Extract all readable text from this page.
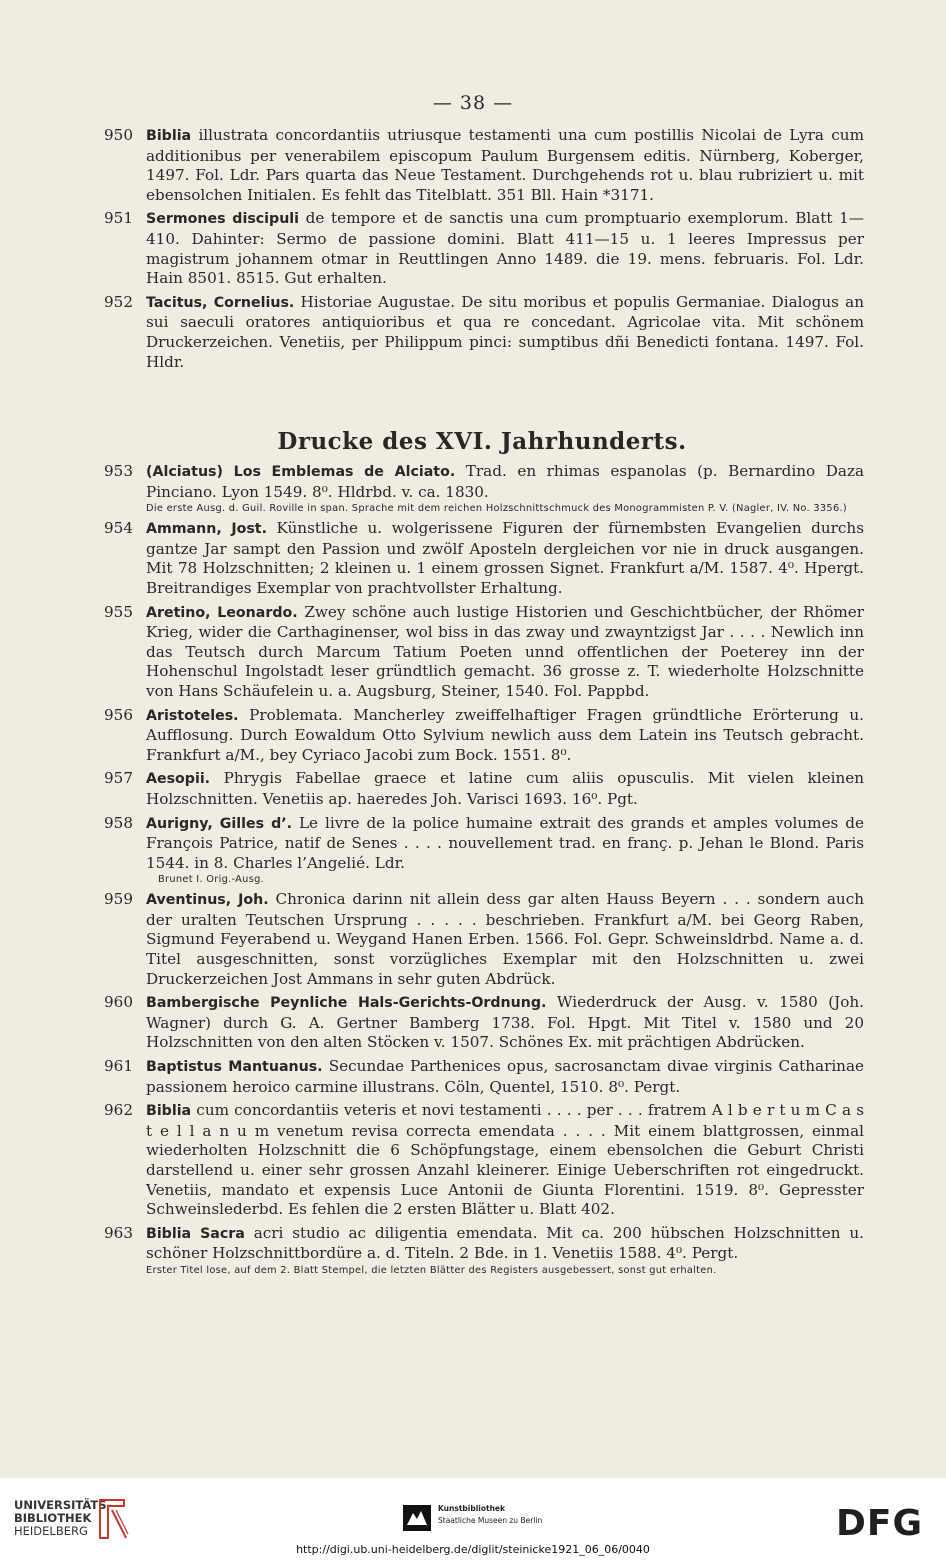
— 38 —
950 Biblia illustrata concordantiis utriusque testamenti una cum postillis Nicolai de Lyra cum additionibus per venerabilem episcopum Paulum Burgensem editis. Nürnberg, Koberger, 1497. Fol. Ldr. Pars quarta das Neue Testament. Durchgehends rot u. blau rubriziert u. mit ebensolchen Initialen. Es fehlt das Titelblatt. 351 Bll. Hain *3171.
951 Sermones discipuli de tempore et de sanctis una cum promptuario exemplorum. Blatt 1—410. Dahinter: Sermo de passione domini. Blatt 411—15 u. 1 leeres Impressus per magistrum johannem otmar in Reuttlingen Anno 1489. die 19. mens. februaris. Fol. Ldr. Hain 8501. 8515. Gut erhalten.
952 Tacitus, Cornelius. Historiae Augustae. De situ moribus et populis Germaniae. Dialogus an sui saeculi oratores antiquioribus et qua re concedant. Agricolae vita. Mit schönem Druckerzeichen. Venetiis, per Philippum pinci: sumptibus dñi Benedicti fontana. 1497. Fol. Hldr.
Drucke des XVI. Jahrhunderts.
953 (Alciatus) Los Emblemas de Alciato. Trad. en rhimas espanolas (p. Bernardino Daza Pinciano. Lyon 1549. 8⁰. Hldrbd. v. ca. 1830.
Die erste Ausg. d. Guil. Roville in span. Sprache mit dem reichen Holzschnittschmuck des Monogrammisten P. V. (Nagler, IV. No. 3356.)
954 Ammann, Jost. Künstliche u. wolgerissene Figuren der fürnembsten Evangelien durchs gantze Jar sampt den Passion und zwölf Aposteln dergleichen vor nie in druck ausgangen. Mit 78 Holzschnitten; 2 kleinen u. 1 einem grossen Signet. Frankfurt a/M. 1587. 4⁰. Hpergt. Breitrandiges Exemplar von prachtvollster Erhaltung.
955 Aretino, Leonardo. Zwey schöne auch lustige Historien und Geschichtbücher, der Rhömer Krieg, wider die Carthaginenser, wol biss in das zway und zwayntzigst Jar . . . . Newlich inn das Teutsch durch Marcum Tatium Poeten unnd offentlichen der Poeterey inn der Hohenschul Ingolstadt leser gründtlich gemacht. 36 grosse z. T. wiederholte Holzschnitte von Hans Schäufelein u. a. Augsburg, Steiner, 1540. Fol. Pappbd.
956 Aristoteles. Problemata. Mancherley zweiffelhaftiger Fragen gründtliche Erörterung u. Aufflosung. Durch Eowaldum Otto Sylvium newlich auss dem Latein ins Teutsch gebracht. Frankfurt a/M., bey Cyriaco Jacobi zum Bock. 1551. 8⁰.
957 Aesopii. Phrygis Fabellae graece et latine cum aliis opusculis. Mit vielen kleinen Holzschnitten. Venetiis ap. haeredes Joh. Varisci 1693. 16⁰. Pgt.
958 Aurigny, Gilles d’. Le livre de la police humaine extrait des grands et amples volumes de François Patrice, natif de Senes . . . . nouvellement trad. en franç. p. Jehan le Blond. Paris 1544. in 8. Charles l’Angelié. Ldr.
Brunet I. Orig.-Ausg.
959 Aventinus, Joh. Chronica darinn nit allein dess gar alten Hauss Beyern . . . sondern auch der uralten Teutschen Ursprung . . . . . beschrieben. Frankfurt a/M. bei Georg Raben, Sigmund Feyerabend u. Weygand Hanen Erben. 1566. Fol. Gepr. Schweinsldrbd. Name a. d. Titel ausgeschnitten, sonst vorzügliches Exemplar mit den Holzschnitten u. zwei Druckerzeichen Jost Ammans in sehr guten Abdrück.
960 Bambergische Peynliche Hals-Gerichts-Ordnung. Wiederdruck der Ausg. v. 1580 (Joh. Wagner) durch G. A. Gertner Bamberg 1738. Fol. Hpgt. Mit Titel v. 1580 und 20 Holzschnitten von den alten Stöcken v. 1507. Schönes Ex. mit prächtigen Abdrücken.
961 Baptistus Mantuanus. Secundae Parthenices opus, sacrosanctam divae virginis Catharinae passionem heroico carmine illustrans. Cöln, Quentel, 1510. 8⁰. Pergt.
962 Biblia cum concordantiis veteris et novi testamenti . . . . per . . . fratrem A l b e r t u m C a s t e l l a n u m venetum revisa correcta emendata . . . . Mit einem blattgrossen, einmal wiederholten Holzschnitt die 6 Schöpfungstage, einem ebensolchen die Geburt Christi darstellend u. einer sehr grossen Anzahl kleinerer. Einige Ueberschriften rot eingedruckt. Venetiis, mandato et expensis Luce Antonii de Giunta Florentini. 1519. 8⁰. Gepresster Schweinslederbd. Es fehlen die 2 ersten Blätter u. Blatt 402.
963 Biblia Sacra acri studio ac diligentia emendata. Mit ca. 200 hübschen Holzschnitten u. schöner Holzschnittbordüre a. d. Titeln. 2 Bde. in 1. Venetiis 1588. 4⁰. Pergt.
Erster Titel lose, auf dem 2. Blatt Stempel, die letzten Blätter des Registers ausgebessert, sonst gut erhalten.
UNIVERSITÄTS-
BIBLIOTHEK
HEIDELBERG
Kunstbibliothek
Staatliche Museen zu Berlin	DFG
http://digi.ub.uni-heidelberg.de/diglit/steinicke1921_06_06/0040
